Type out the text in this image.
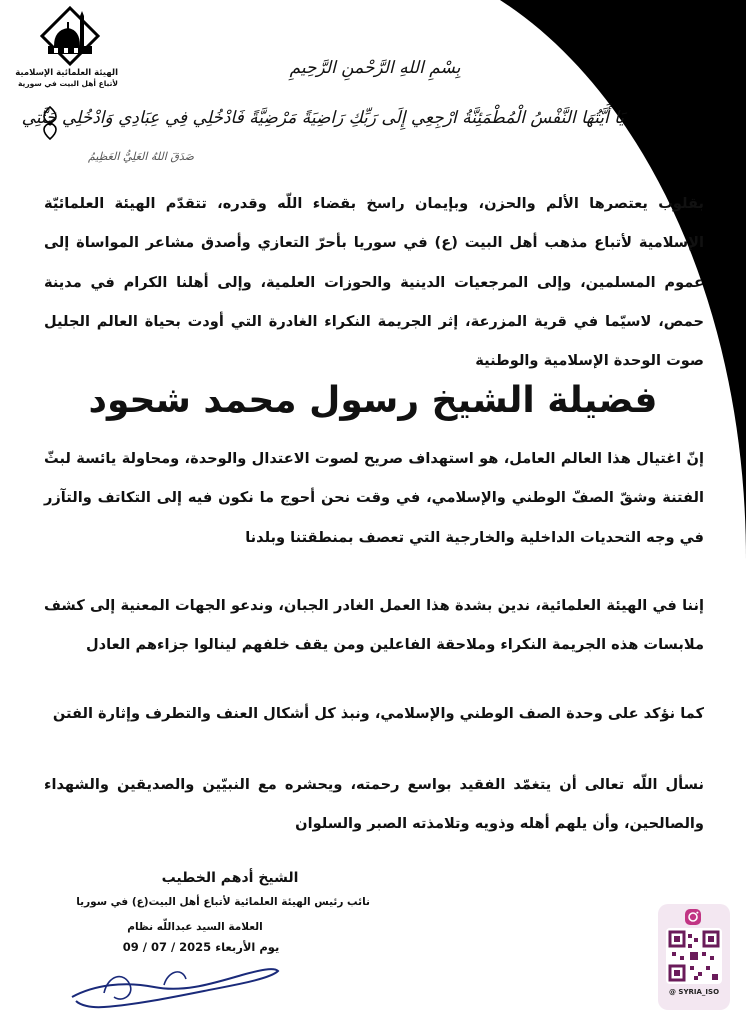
الهيئة العلمائية الإسلامية
لأتباع أهل البيت في سورية
بِسْمِ اللهِ الرَّحْمنِ الرَّحِيمِ
يَا أَيَّتُهَا النَّفْسُ الْمُطْمَئِنَّةُ ارْجِعِي إِلَى رَبِّكِ رَاضِيَةً مَرْضِيَّةً فَادْخُلِي فِي عِبَادِي وَادْخُلِي جَنَّتِي
صَدَقَ اللهُ العَلِيُّ العَظِيمُ

بقلوب يعتصرها الألم والحزن، وبإيمان راسخ بقضاء اللّه وقدره، تتقدّم الهيئة العلمائيّة الإسلامية لأتباع مذهب أهل البيت (ع) في سوريا بأحرّ التعازي وأصدق مشاعر المواساة إلى عموم المسلمين، وإلى المرجعيات الدينية والحوزات العلمية، وإلى أهلنا الكرام في مدينة حمص، لاسيّما في قرية المزرعة، إثر الجريمة النكراء الغادرة التي أودت بحياة العالم الجليل صوت الوحدة الإسلامية والوطنية

فضيلة الشيخ رسول محمد شحود

إنّ اغتيال هذا العالم العامل، هو استهداف صريح لصوت الاعتدال والوحدة، ومحاولة يائسة لبثّ الفتنة وشقّ الصفّ الوطني والإسلامي، في وقت نحن أحوج ما نكون فيه إلى التكاتف والتآزر في وجه التحديات الداخلية والخارجية التي تعصف بمنطقتنا وبلدنا

إننا في الهيئة العلمائية، ندين بشدة هذا العمل الغادر الجبان، وندعو الجهات المعنية إلى كشف ملابسات هذه الجريمة النكراء وملاحقة الفاعلين ومن يقف خلفهم لينالوا جزاءهم العادل

كما نؤكد على وحدة الصف الوطني والإسلامي، ونبذ كل أشكال العنف والتطرف وإثارة الفتن

نسأل اللّه تعالى أن يتغمّد الفقيد بواسع رحمته، ويحشره مع النبيّين والصديقين والشهداء والصالحين، وأن يلهم أهله وذويه وتلامذته الصبر والسلوان

الشيخ أدهم الخطيب
نائب رئيس الهيئة العلمائية لأتباع أهل البيت(ع) في سوريا
العلامة السيد عبداللّه نظام
يوم الأربعاء 2025 / 07 / 09
@ SYRIA_ISO
